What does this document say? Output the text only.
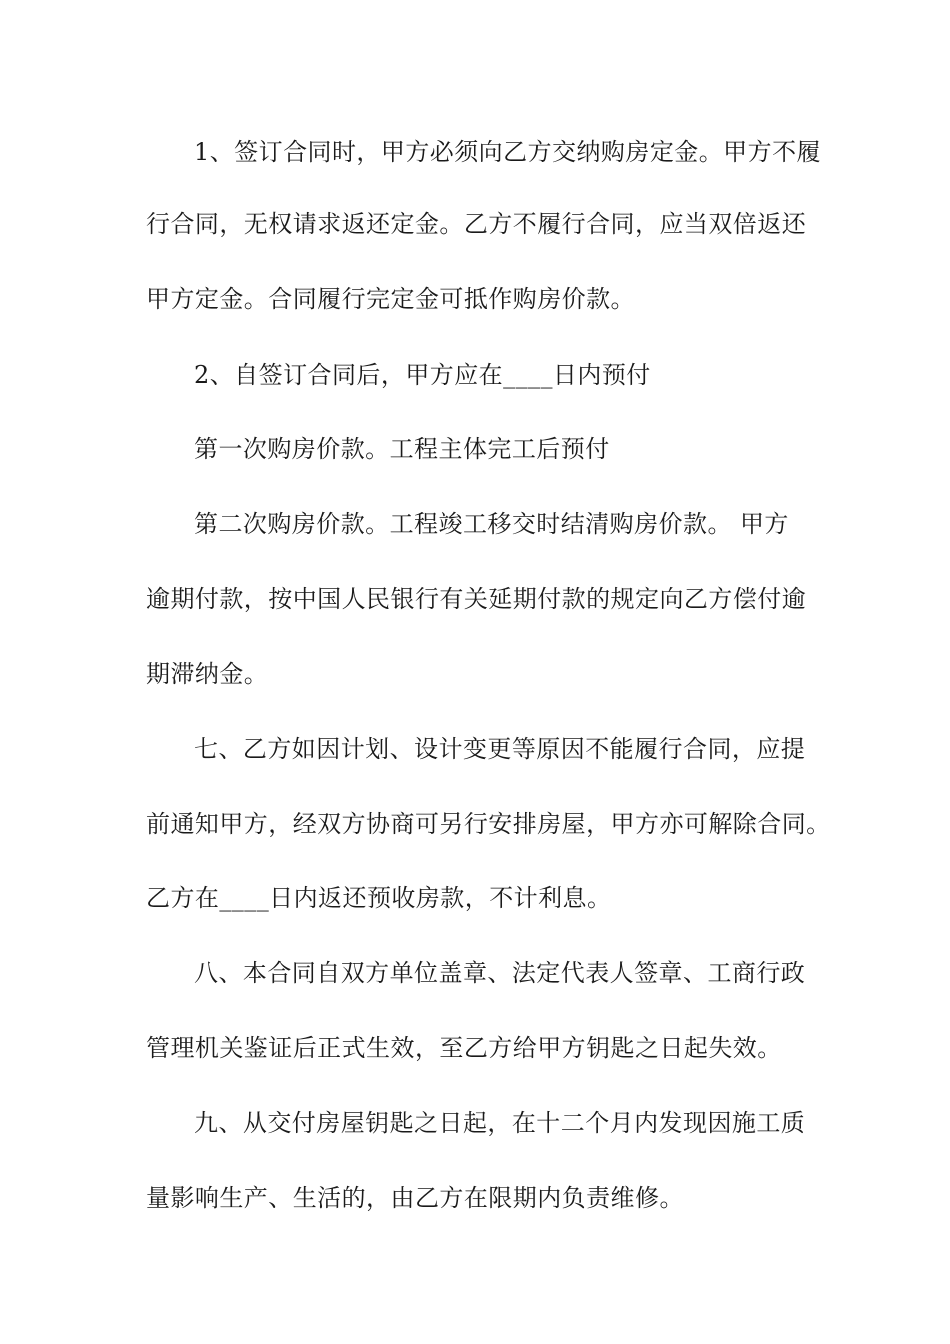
1、签订合同时，甲方必须向乙方交纳购房定金。甲方不履
行合同，无权请求返还定金。乙方不履行合同，应当双倍返还
甲方定金。合同履行完定金可抵作购房价款。
2、自签订合同后，甲方应在____日内预付
第一次购房价款。工程主体完工后预付
第二次购房价款。工程竣工移交时结清购房价款。 甲方
逾期付款，按中国人民银行有关延期付款的规定向乙方偿付逾
期滞纳金。
七、乙方如因计划、设计变更等原因不能履行合同，应提
前通知甲方，经双方协商可另行安排房屋，甲方亦可解除合同。
乙方在____日内返还预收房款，不计利息。
八、本合同自双方单位盖章、法定代表人签章、工商行政
管理机关鉴证后正式生效，至乙方给甲方钥匙之日起失效。
九、从交付房屋钥匙之日起，在十二个月内发现因施工质
量影响生产、生活的，由乙方在限期内负责维修。
